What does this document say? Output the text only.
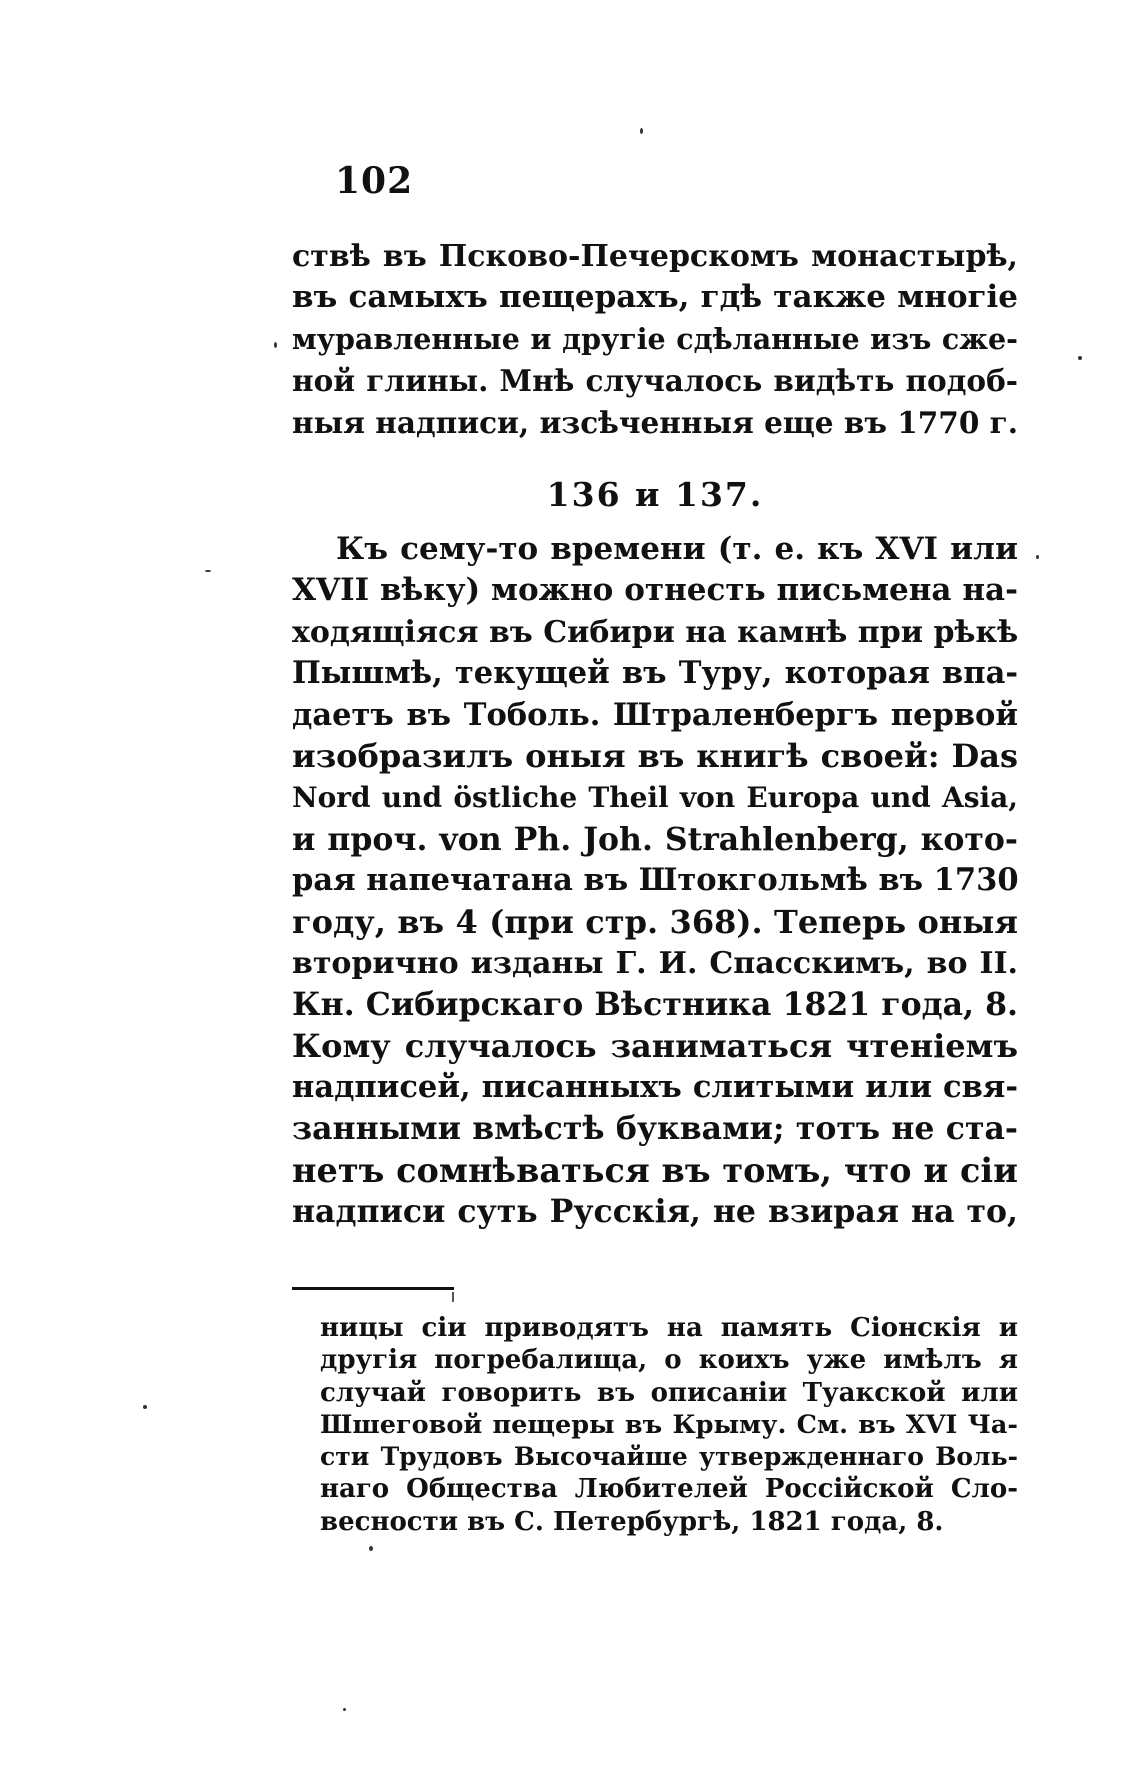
102
ствѣ въ Псково-Печерскомъ монастырѣ,
въ самыхъ пещерахъ, гдѣ также многiе
муравленные и другiе сдѣланные изъ сже-
ной глины. Мнѣ случалось видѣть подоб-
ныя надписи, изсѣченныя еще въ 1770 г.
136 и 137.
Къ сему-то времени (т. е. къ XVI или
XVII вѣку) можно отнесть письмена на-
ходящiяся въ Сибири на камнѣ при рѣкѣ
Пышмѣ, текущей въ Туру, которая впа-
даетъ въ Тоболь. Штраленбергъ первой
изобразилъ оныя въ книгѣ своей: Das
Nord und östliche Theil von Europa und Asia,
и проч. von Ph. Joh. Strahlenberg, кото-
рая напечатана въ Штокгольмѣ въ 1730
году, въ 4 (при стр. 368). Теперь оныя
вторично изданы Г. И. Спасскимъ, во II.
Кн. Сибирскаго Вѣстника 1821 года, 8.
Кому случалось заниматься чтенiемъ
надписей, писанныхъ слитыми или свя-
занными вмѣстѣ буквами; тотъ не ста-
нетъ сомнѣваться въ томъ, что и сiи
надписи суть Русскiя, не взирая на то,
ницы сiи приводятъ на память Сiонскiя и
другiя погребалища, о коихъ уже имѣлъ я
случай говорить въ описанiи Туакской или
Шшеговой пещеры въ Крыму. См. въ XVI Ча-
сти Трудовъ Высочайше утвержденнаго Воль-
наго Общества Любителей Россiйской Сло-
весности въ С. Петербургѣ, 1821 года, 8.
